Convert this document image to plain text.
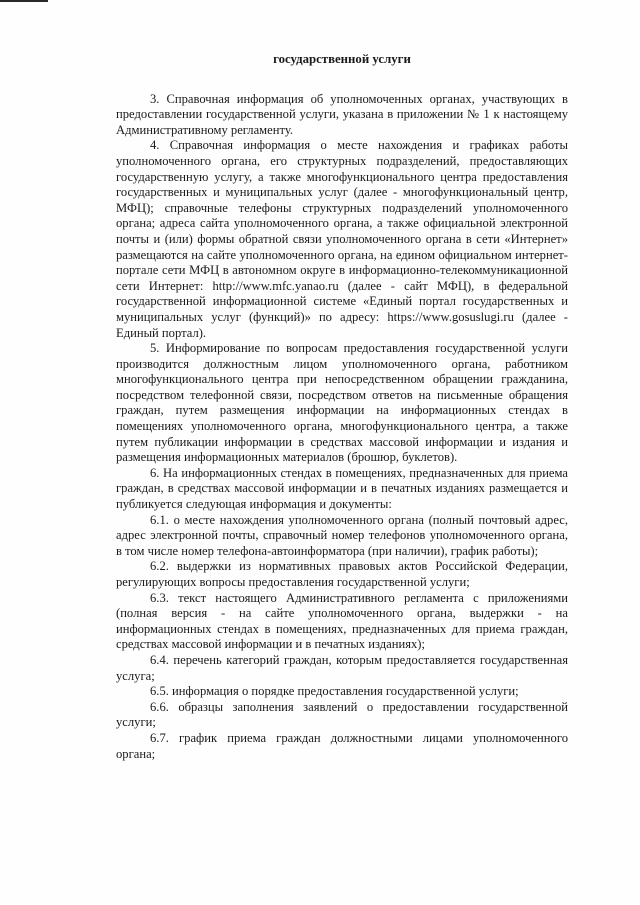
государственной услуги

3. Справочная информация об уполномоченных органах, участвующих в предоставлении государственной услуги, указана в приложении № 1 к настоящему Административному регламенту.

4. Справочная информация о месте нахождения и графиках работы уполномоченного органа, его структурных подразделений, предоставляющих государственную услугу, а также многофункционального центра предоставления государственных и муниципальных услуг (далее - многофункциональный центр, МФЦ); справочные телефоны структурных подразделений уполномоченного органа; адреса сайта уполномоченного органа, а также официальной электронной почты и (или) формы обратной связи уполномоченного органа в сети «Интернет» размещаются на сайте уполномоченного органа, на едином официальном интернет-портале сети МФЦ в автономном округе в информационно-телекоммуникационной сети Интернет: http://www.mfc.yanao.ru (далее - сайт МФЦ), в федеральной государственной информационной системе «Единый портал государственных и муниципальных услуг (функций)» по адресу: https://www.gosuslugi.ru (далее - Единый портал).

5. Информирование по вопросам предоставления государственной услуги производится должностным лицом уполномоченного органа, работником многофункционального центра при непосредственном обращении гражданина, посредством телефонной связи, посредством ответов на письменные обращения граждан, путем размещения информации на информационных стендах в помещениях уполномоченного органа, многофункционального центра, а также путем публикации информации в средствах массовой информации и издания и размещения информационных материалов (брошюр, буклетов).

6. На информационных стендах в помещениях, предназначенных для приема граждан, в средствах массовой информации и в печатных изданиях размещается и публикуется следующая информация и документы:

6.1. о месте нахождения уполномоченного органа (полный почтовый адрес, адрес электронной почты, справочный номер телефонов уполномоченного органа, в том числе номер телефона-автоинформатора (при наличии), график работы);

6.2. выдержки из нормативных правовых актов Российской Федерации, регулирующих вопросы предоставления государственной услуги;

6.3. текст настоящего Административного регламента с приложениями (полная версия - на сайте уполномоченного органа, выдержки - на информационных стендах в помещениях, предназначенных для приема граждан, средствах массовой информации и в печатных изданиях);

6.4. перечень категорий граждан, которым предоставляется государственная услуга;

6.5. информация о порядке предоставления государственной услуги;

6.6. образцы заполнения заявлений о предоставлении государственной услуги;

6.7. график приема граждан должностными лицами уполномоченного органа;
